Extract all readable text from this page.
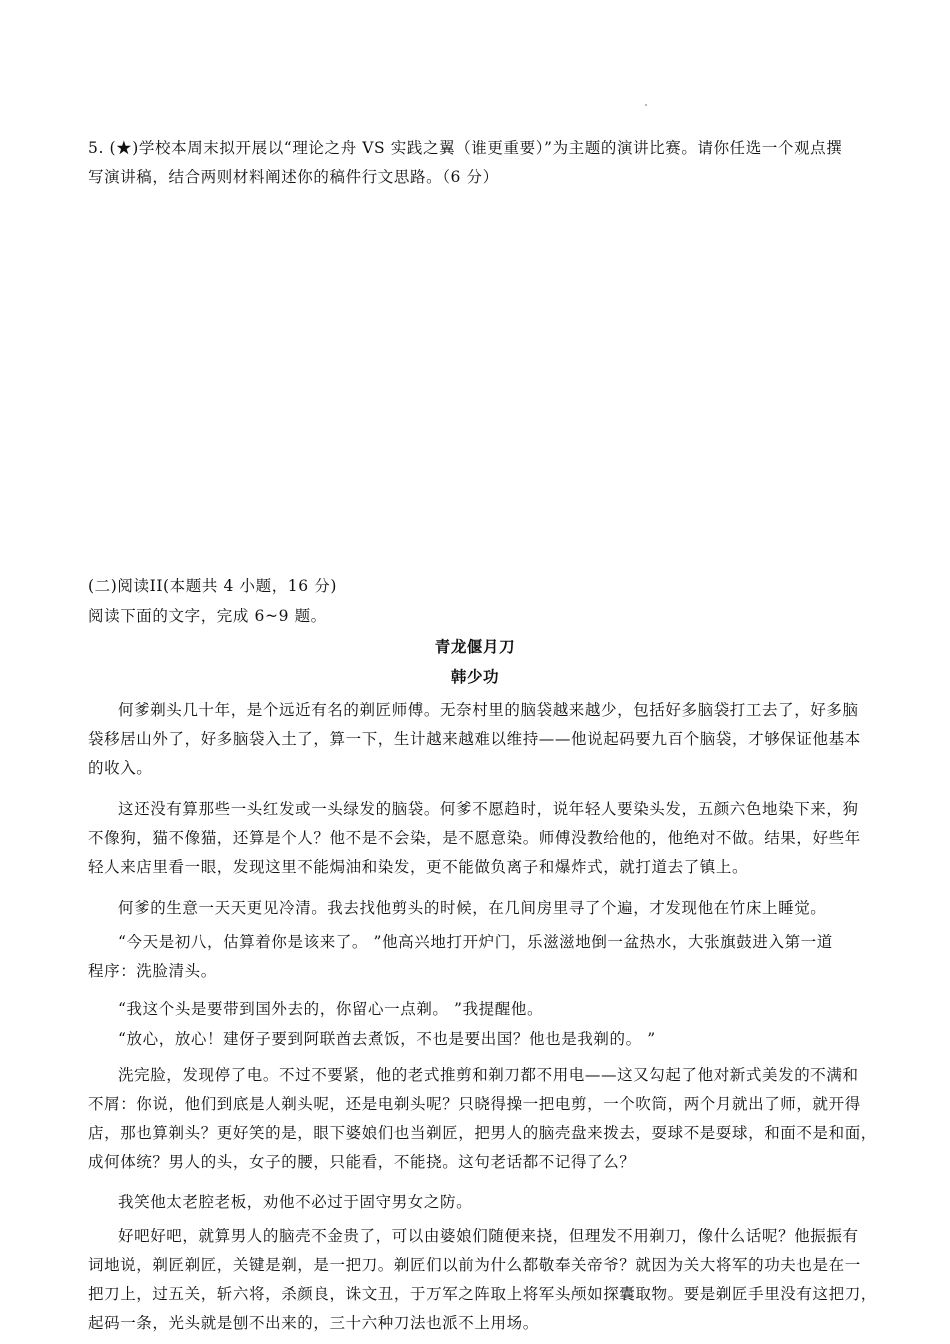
5. (★)学校本周末拟开展以“理论之舟 VS 实践之翼（谁更重要）”为主题的演讲比赛。请你任选一个观点撰
写演讲稿，结合两则材料阐述你的稿件行文思路。（6 分）
(二)阅读II(本题共 4 小题，16 分)
阅读下面的文字，完成 6~9 题。
青龙偃月刀
韩少功
何爹剃头几十年，是个远近有名的剃匠师傅。无奈村里的脑袋越来越少，包括好多脑袋打工去了，好多脑
袋移居山外了，好多脑袋入土了，算一下，生计越来越难以维持——他说起码要九百个脑袋，才够保证他基本
的收入。
这还没有算那些一头红发或一头绿发的脑袋。何爹不愿趋时，说年轻人要染头发，五颜六色地染下来，狗
不像狗，猫不像猫，还算是个人？他不是不会染，是不愿意染。师傅没教给他的，他绝对不做。结果，好些年
轻人来店里看一眼，发现这里不能焗油和染发，更不能做负离子和爆炸式，就打道去了镇上。
何爹的生意一天天更见冷清。我去找他剪头的时候，在几间房里寻了个遍，才发现他在竹床上睡觉。
“今天是初八，估算着你是该来了。 ”他高兴地打开炉门，乐滋滋地倒一盆热水，大张旗鼓进入第一道
程序：洗脸清头。
“我这个头是要带到国外去的，你留心一点剃。 ”我提醒他。
“放心，放心！建伢子要到阿联酋去煮饭，不也是要出国？他也是我剃的。 ”
洗完脸，发现停了电。不过不要紧，他的老式推剪和剃刀都不用电——这又勾起了他对新式美发的不满和
不屑：你说，他们到底是人剃头呢，还是电剃头呢？只晓得操一把电剪，一个吹筒，两个月就出了师，就开得
店，那也算剃头？更好笑的是，眼下婆娘们也当剃匠，把男人的脑壳盘来拨去，耍球不是耍球，和面不是和面，
成何体统？男人的头，女子的腰，只能看，不能挠。这句老话都不记得了么？
我笑他太老腔老板，劝他不必过于固守男女之防。
好吧好吧，就算男人的脑壳不金贵了，可以由婆娘们随便来挠，但理发不用剃刀，像什么话呢？他振振有
词地说，剃匠剃匠，关键是剃，是一把刀。剃匠们以前为什么都敬奉关帝爷？就因为关大将军的功夫也是在一
把刀上，过五关，斩六将，杀颜良，诛文丑，于万军之阵取上将军头颅如探囊取物。要是剃匠手里没有这把刀，
起码一条，光头就是刨不出来的，三十六种刀法也派不上用场。
